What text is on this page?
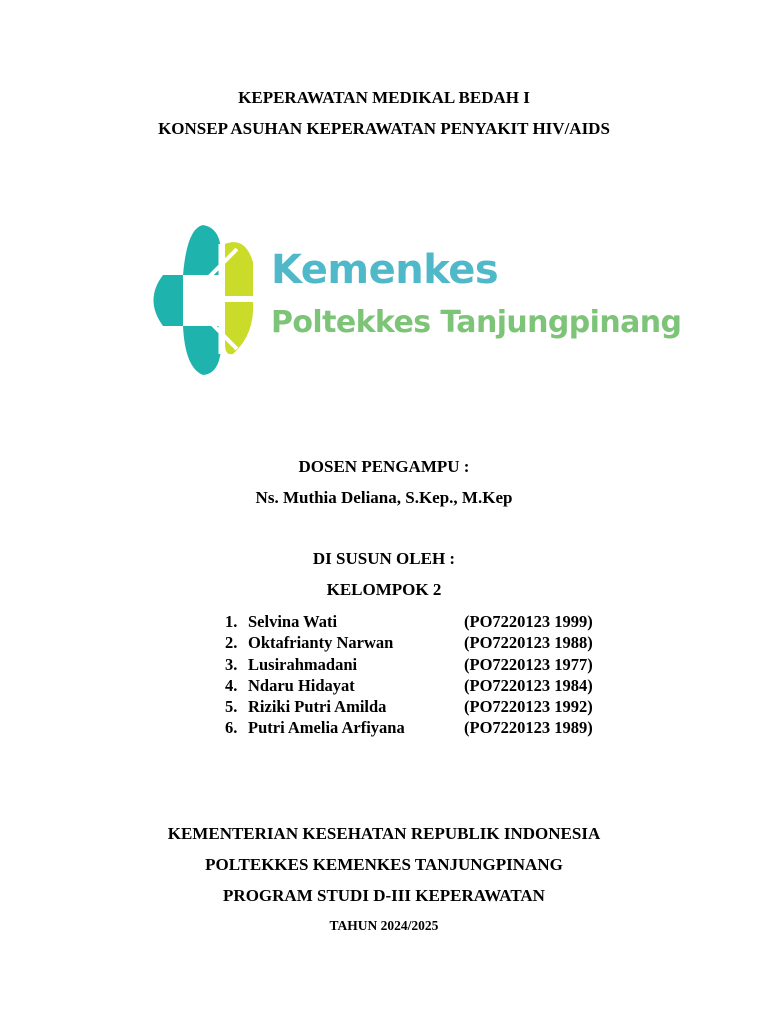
KEPERAWATAN MEDIKAL BEDAH I
KONSEP ASUHAN KEPERAWATAN PENYAKIT HIV/AIDS
Kemenkes
Poltekkes Tanjungpinang
DOSEN PENGAMPU :
Ns. Muthia Deliana, S.Kep., M.Kep
DI SUSUN OLEH :
KELOMPOK 2
1. Selvina Wati	(PO7220123 1999)
2. Oktafrianty Narwan	(PO7220123 1988)
3. Lusirahmadani	(PO7220123 1977)
4. Ndaru Hidayat	(PO7220123 1984)
5. Riziki Putri Amilda	(PO7220123 1992)
6. Putri Amelia Arfiyana	(PO7220123 1989)
KEMENTERIAN KESEHATAN REPUBLIK INDONESIA
POLTEKKES KEMENKES TANJUNGPINANG
PROGRAM STUDI D-III KEPERAWATAN
TAHUN 2024/2025
